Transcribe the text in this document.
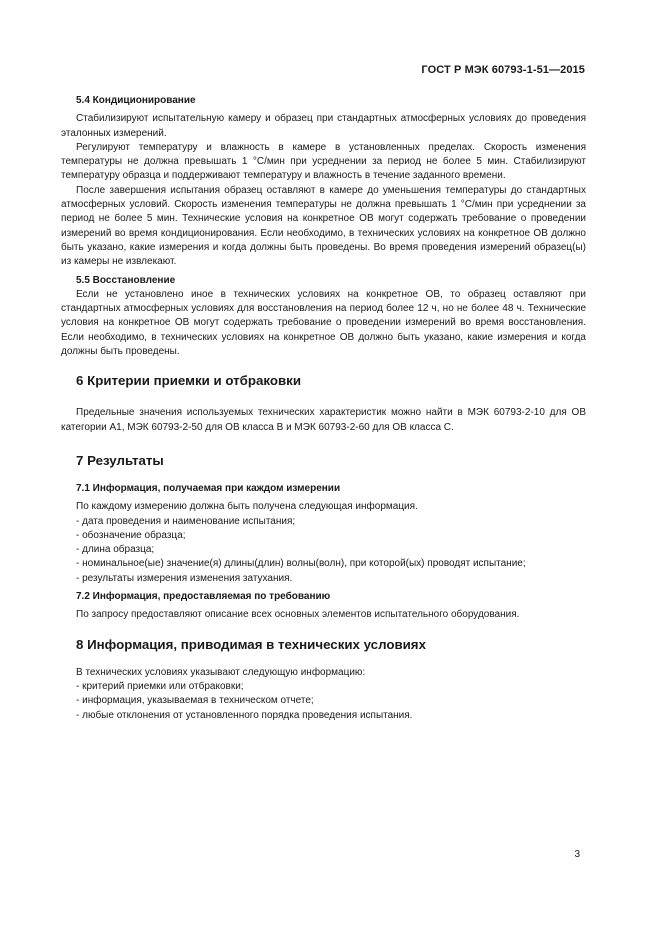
ГОСТ Р МЭК 60793-1-51—2015

5.4 Кондиционирование

Стабилизируют испытательную камеру и образец при стандартных атмосферных условиях до проведения эталонных измерений.

Регулируют температуру и влажность в камере в установленных пределах. Скорость изменения температуры не должна превышать 1 °C/мин при усреднении за период не более 5 мин. Стабилизируют температуру образца и поддерживают температуру и влажность в течение заданного времени.

После завершения испытания образец оставляют в камере до уменьшения температуры до стандартных атмосферных условий. Скорость изменения температуры не должна превышать 1 °C/мин при усреднении за период не более 5 мин. Технические условия на конкретное ОВ могут содержать требование о проведении измерений во время кондиционирования. Если необходимо, в технических условиях на конкретное ОВ должно быть указано, какие измерения и когда должны быть проведены. Во время проведения измерений образец(ы) из камеры не извлекают.

5.5 Восстановление

Если не установлено иное в технических условиях на конкретное ОВ, то образец оставляют при стандартных атмосферных условиях для восстановления на период более 12 ч, но не более 48 ч. Технические условия на конкретное ОВ могут содержать требование о проведении измерений во время восстановления. Если необходимо, в технических условиях на конкретное ОВ должно быть указано, какие измерения и когда должны быть проведены.

6 Критерии приемки и отбраковки

Предельные значения используемых технических характеристик можно найти в МЭК 60793-2-10 для ОВ категории А1, МЭК 60793-2-50 для ОВ класса В и МЭК 60793-2-60 для ОВ класса С.

7 Результаты

7.1 Информация, получаемая при каждом измерении

По каждому измерению должна быть получена следующая информация.

- дата проведения и наименование испытания;

- обозначение образца;

- длина образца;

- номинальное(ые) значение(я) длины(длин) волны(волн), при которой(ых) проводят испытание;

- результаты измерения изменения затухания.

7.2 Информация, предоставляемая по требованию

По запросу предоставляют описание всех основных элементов испытательного оборудования.

8 Информация, приводимая в технических условиях

В технических условиях указывают следующую информацию:

- критерий приемки или отбраковки;

- информация, указываемая в техническом отчете;

- любые отклонения от установленного порядка проведения испытания.

3
